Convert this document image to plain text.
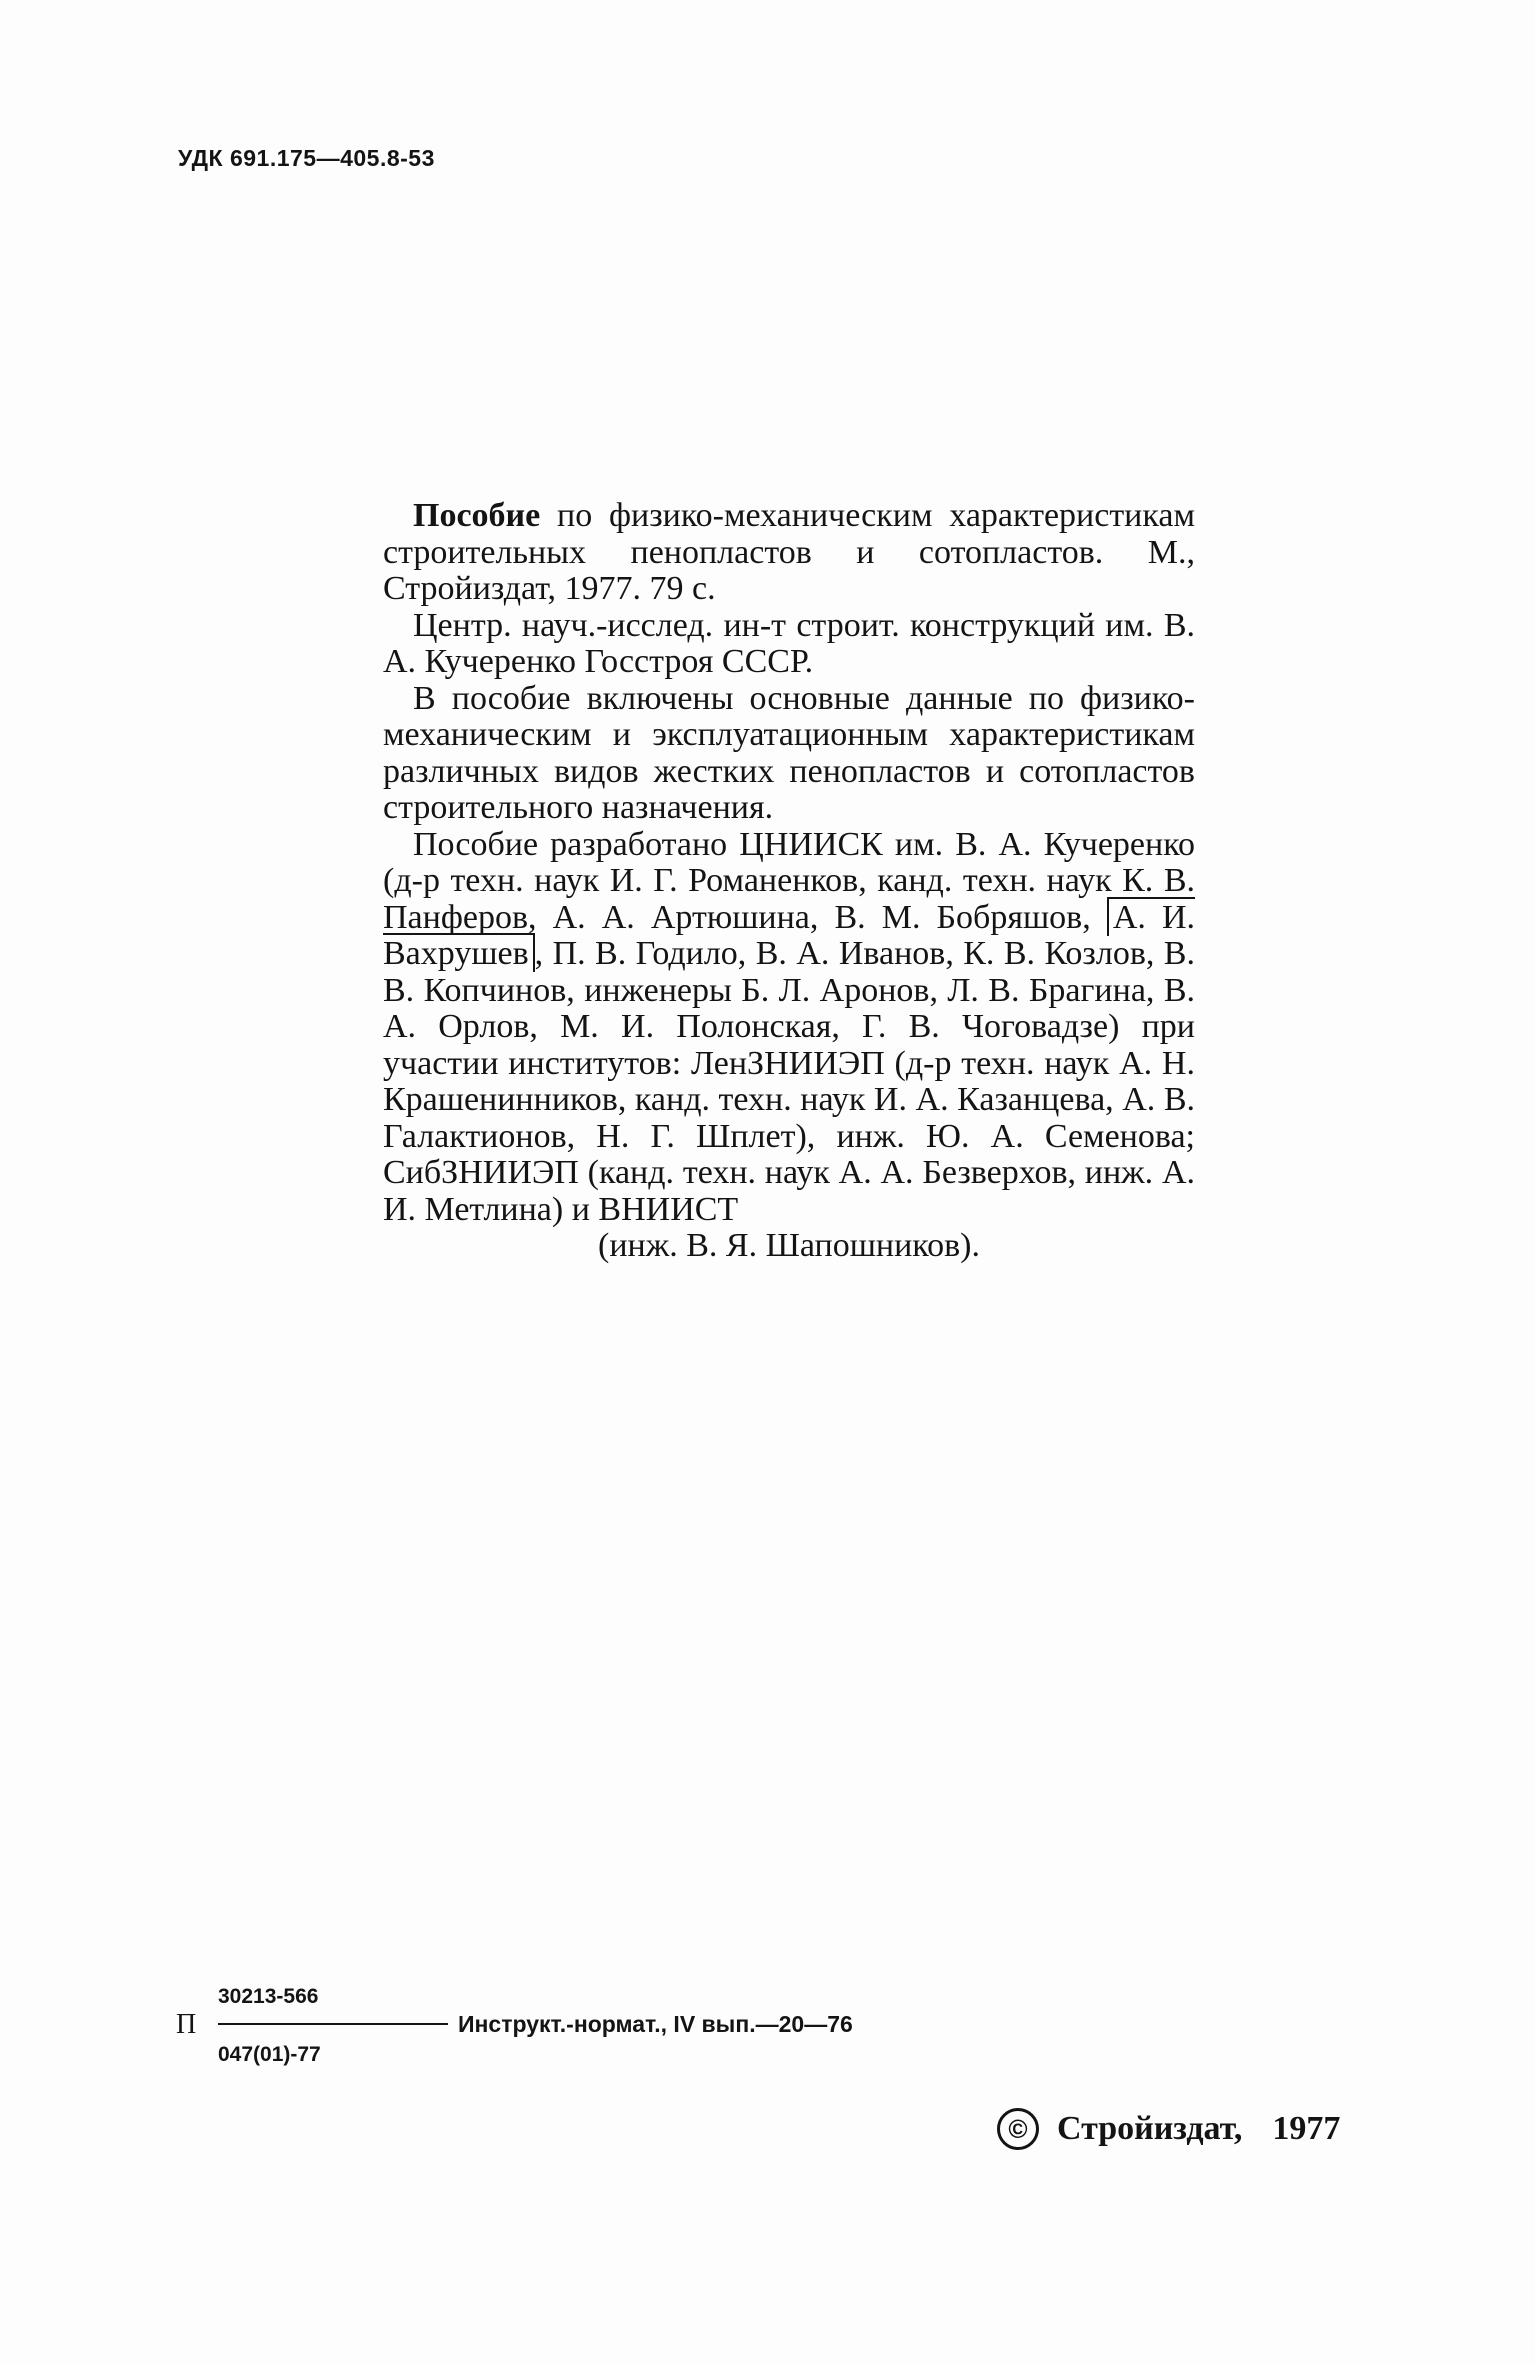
УДК 691.175—405.8-53

Пособие по физико-механическим характеристикам строительных пенопластов и сотопластов. М., Стройиздат, 1977. 79 с.

Центр. науч.-исслед. ин-т строит. конструкций им. В. А. Кучеренко Госстроя СССР.

В пособие включены основные данные по физико-механическим и эксплуатационным характеристикам различных видов жестких пенопластов и сотопластов строительного назначения.

Пособие разработано ЦНИИСК им. В. А. Кучеренко (д-р техн. наук И. Г. Романенков, канд. техн. наук К. В. Панферов, А. А. Артюшина, В. М. Бобряшов, А. И. Вахрушев , П. В. Годило, В. А. Иванов, К. В. Козлов, В. В. Копчинов, инженеры Б. Л. Аронов, Л. В. Брагина, В. А. Орлов, М. И. Полонская, Г. В. Чоговадзе) при участии институтов: ЛенЗНИИЭП (д-р техн. наук А. Н. Крашенинников, канд. техн. наук И. А. Казанцева, А. В. Галактионов, Н. Г. Шплет), инж. Ю. А. Семенова; СибЗНИИЭП (канд. техн. наук А. А. Безверхов, инж. А. И. Метлина) и ВНИИСТ

(инж. В. Я. Шапошников).

П
30213-566
047(01)-77
Инструкт.-нормат., IV вып.—20—76
© Стройиздат, 1977
